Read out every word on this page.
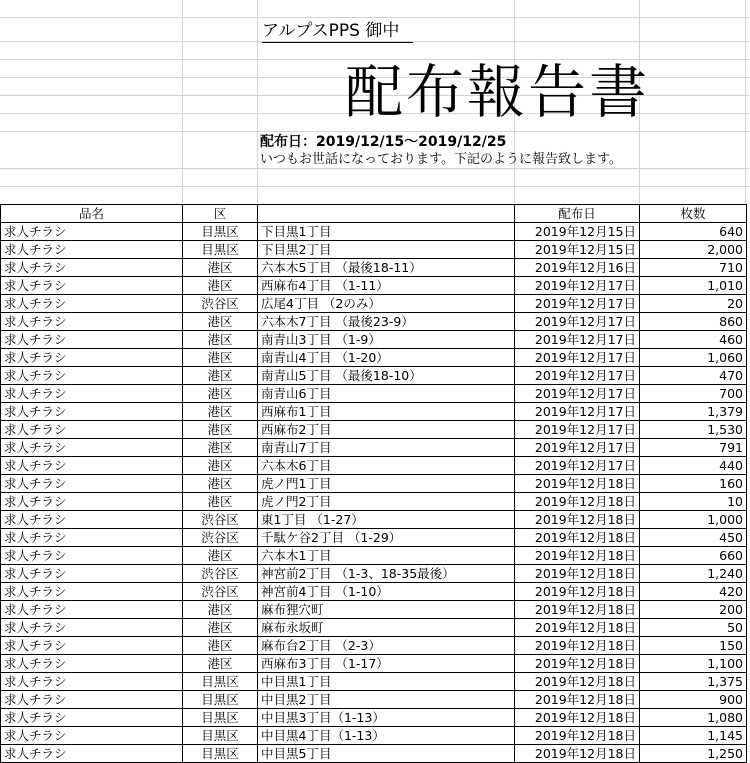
アルプスPPS 御中
配布報告書
配布日：2019/12/15～2019/12/25
いつもお世話になっております。下記のように報告致します。
品名	区		配布日	枚数
求人チラシ	目黒区	下目黒1丁目	2019年12月15日	640
求人チラシ	目黒区	下目黒2丁目	2019年12月15日	2,000
求人チラシ	港区	六本木5丁目 （最後18-11）	2019年12月16日	710
求人チラシ	港区	西麻布4丁目 （1-11）	2019年12月17日	1,010
求人チラシ	渋谷区	広尾4丁目 （2のみ）	2019年12月17日	20
求人チラシ	港区	六本木7丁目 （最後23-9）	2019年12月17日	860
求人チラシ	港区	南青山3丁目 （1-9）	2019年12月17日	460
求人チラシ	港区	南青山4丁目 （1-20）	2019年12月17日	1,060
求人チラシ	港区	南青山5丁目 （最後18-10）	2019年12月17日	470
求人チラシ	港区	南青山6丁目	2019年12月17日	700
求人チラシ	港区	西麻布1丁目	2019年12月17日	1,379
求人チラシ	港区	西麻布2丁目	2019年12月17日	1,530
求人チラシ	港区	南青山7丁目	2019年12月17日	791
求人チラシ	港区	六本木6丁目	2019年12月17日	440
求人チラシ	港区	虎ノ門1丁目	2019年12月18日	160
求人チラシ	港区	虎ノ門2丁目	2019年12月18日	10
求人チラシ	渋谷区	東1丁目 （1-27）	2019年12月18日	1,000
求人チラシ	渋谷区	千駄ケ谷2丁目 （1-29）	2019年12月18日	450
求人チラシ	港区	六本木1丁目	2019年12月18日	660
求人チラシ	渋谷区	神宮前2丁目 （1-3、18-35最後）	2019年12月18日	1,240
求人チラシ	渋谷区	神宮前4丁目 （1-10）	2019年12月18日	420
求人チラシ	港区	麻布狸穴町	2019年12月18日	200
求人チラシ	港区	麻布永坂町	2019年12月18日	50
求人チラシ	港区	麻布台2丁目 （2-3）	2019年12月18日	150
求人チラシ	港区	西麻布3丁目 （1-17）	2019年12月18日	1,100
求人チラシ	目黒区	中目黒1丁目	2019年12月18日	1,375
求人チラシ	目黒区	中目黒2丁目	2019年12月18日	900
求人チラシ	目黒区	中目黒3丁目（1-13）	2019年12月18日	1,080
求人チラシ	目黒区	中目黒4丁目（1-13）	2019年12月18日	1,145
求人チラシ	目黒区	中目黒5丁目	2019年12月18日	1,250
